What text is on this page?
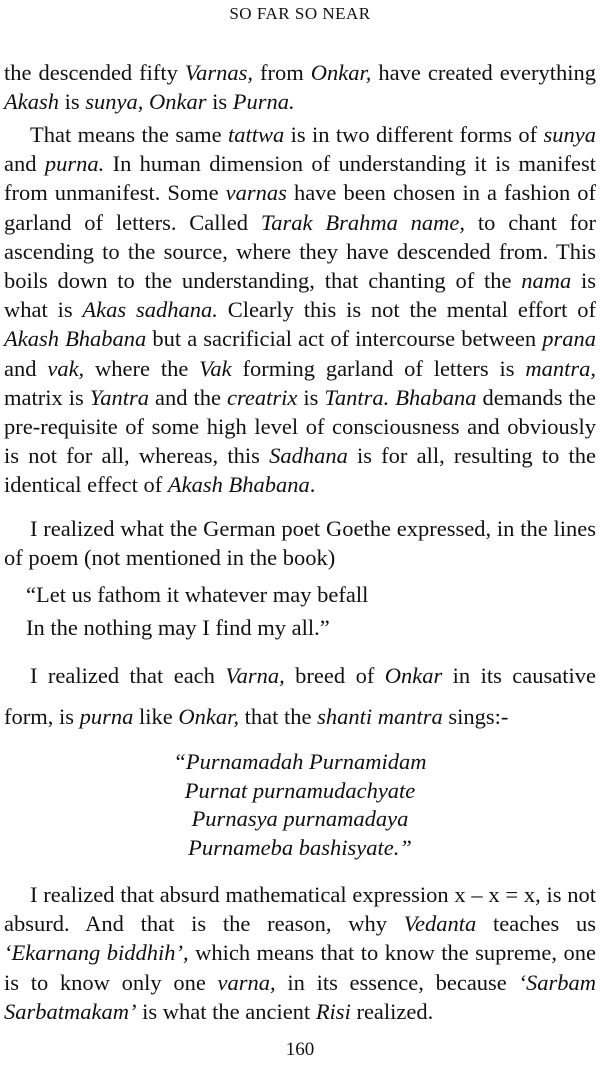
SO FAR SO NEAR
the descended fifty Varnas, from Onkar, have created everything Akash is sunya, Onkar is Purna.
That means the same tattwa is in two different forms of sunya and purna. In human dimension of understanding it is manifest from unmanifest. Some varnas have been chosen in a fashion of garland of letters. Called Tarak Brahma name, to chant for ascending to the source, where they have descended from. This boils down to the understanding, that chanting of the nama is what is Akas sadhana. Clearly this is not the mental effort of Akash Bhabana but a sacrificial act of intercourse between prana and vak, where the Vak forming garland of letters is mantra, matrix is Yantra and the creatrix is Tantra. Bhabana demands the pre-requisite of some high level of consciousness and obviously is not for all, whereas, this Sadhana is for all, resulting to the identical effect of Akash Bhabana.
I realized what the German poet Goethe expressed, in the lines of poem (not mentioned in the book)
“Let us fathom it whatever may befall
In the nothing may I find my all.”
I realized that each Varna, breed of Onkar in its causative form, is purna like Onkar, that the shanti mantra sings:-
“Purnamadah Purnamidam
Purnat purnamudachyate
Purnasya purnamadaya
Purnameba bashisyate.”
I realized that absurd mathematical expression x – x = x, is not absurd. And that is the reason, why Vedanta teaches us ‘Ekarnang biddhih’, which means that to know the supreme, one is to know only one varna, in its essence, because ‘Sarbam Sarbatmakam’ is what the ancient Risi realized.
160
